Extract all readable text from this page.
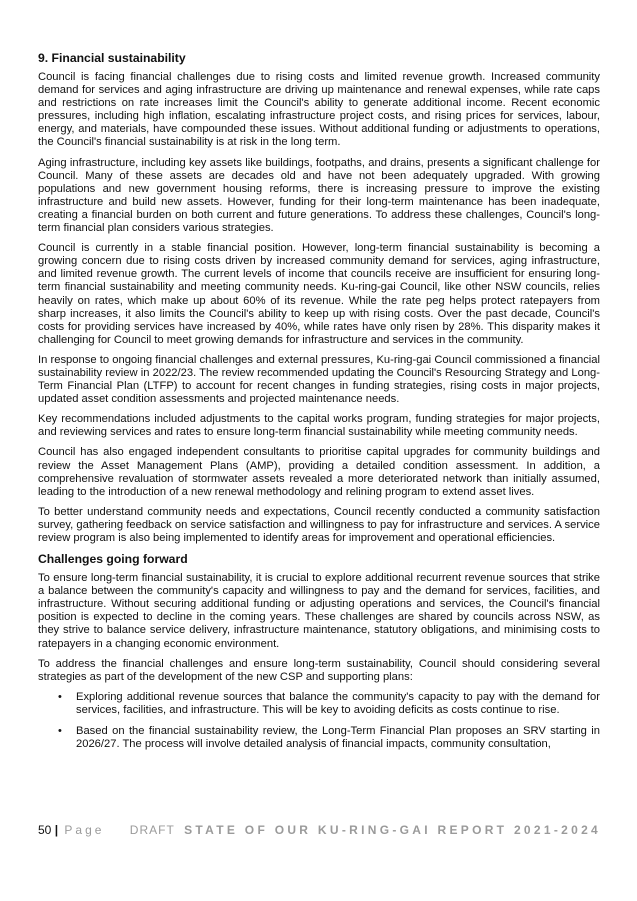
9. Financial sustainability

Council is facing financial challenges due to rising costs and limited revenue growth. Increased community demand for services and aging infrastructure are driving up maintenance and renewal expenses, while rate caps and restrictions on rate increases limit the Council's ability to generate additional income. Recent economic pressures, including high inflation, escalating infrastructure project costs, and rising prices for services, labour, energy, and materials, have compounded these issues. Without additional funding or adjustments to operations, the Council's financial sustainability is at risk in the long term.

Aging infrastructure, including key assets like buildings, footpaths, and drains, presents a significant challenge for Council. Many of these assets are decades old and have not been adequately upgraded. With growing populations and new government housing reforms, there is increasing pressure to improve the existing infrastructure and build new assets. However, funding for their long-term maintenance has been inadequate, creating a financial burden on both current and future generations. To address these challenges, Council's long-term financial plan considers various strategies.

Council is currently in a stable financial position. However, long-term financial sustainability is becoming a growing concern due to rising costs driven by increased community demand for services, aging infrastructure, and limited revenue growth. The current levels of income that councils receive are insufficient for ensuring long-term financial sustainability and meeting community needs. Ku-ring-gai Council, like other NSW councils, relies heavily on rates, which make up about 60% of its revenue. While the rate peg helps protect ratepayers from sharp increases, it also limits the Council's ability to keep up with rising costs. Over the past decade, Council's costs for providing services have increased by 40%, while rates have only risen by 28%. This disparity makes it challenging for Council to meet growing demands for infrastructure and services in the community.

In response to ongoing financial challenges and external pressures, Ku-ring-gai Council commissioned a financial sustainability review in 2022/23. The review recommended updating the Council's Resourcing Strategy and Long-Term Financial Plan (LTFP) to account for recent changes in funding strategies, rising costs in major projects, updated asset condition assessments and projected maintenance needs.

Key recommendations included adjustments to the capital works program, funding strategies for major projects, and reviewing services and rates to ensure long-term financial sustainability while meeting community needs.

Council has also engaged independent consultants to prioritise capital upgrades for community buildings and review the Asset Management Plans (AMP), providing a detailed condition assessment. In addition, a comprehensive revaluation of stormwater assets revealed a more deteriorated network than initially assumed, leading to the introduction of a new renewal methodology and relining program to extend asset lives.

To better understand community needs and expectations, Council recently conducted a community satisfaction survey, gathering feedback on service satisfaction and willingness to pay for infrastructure and services. A service review program is also being implemented to identify areas for improvement and operational efficiencies.

Challenges going forward

To ensure long-term financial sustainability, it is crucial to explore additional recurrent revenue sources that strike a balance between the community's capacity and willingness to pay and the demand for services, facilities, and infrastructure. Without securing additional funding or adjusting operations and services, the Council's financial position is expected to decline in the coming years. These challenges are shared by councils across NSW, as they strive to balance service delivery, infrastructure maintenance, statutory obligations, and minimising costs to ratepayers in a changing economic environment.

To address the financial challenges and ensure long-term sustainability, Council should considering several strategies as part of the development of the new CSP and supporting plans:

• Exploring additional revenue sources that balance the community's capacity to pay with the demand for services, facilities, and infrastructure. This will be key to avoiding deficits as costs continue to rise.
• Based on the financial sustainability review, the Long-Term Financial Plan proposes an SRV starting in 2026/27. The process will involve detailed analysis of financial impacts, community consultation,
50 | Page DRAFT STATE OF OUR KU-RING-GAI REPORT 2021-2024
